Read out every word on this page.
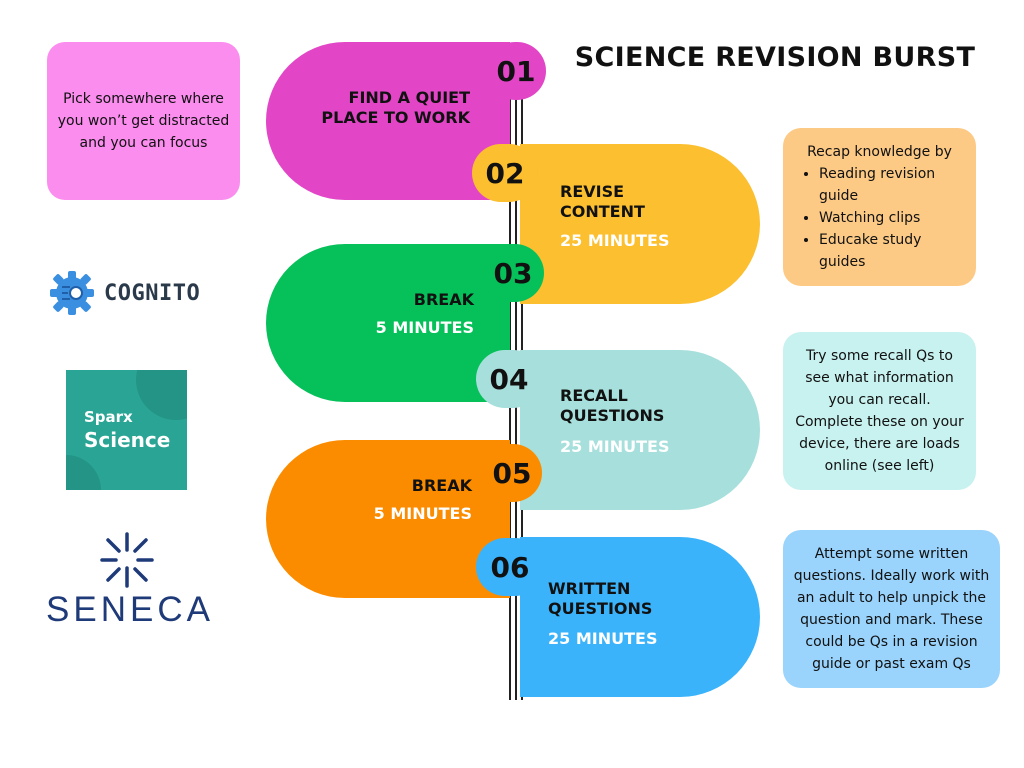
SCIENCE REVISION BURST
01
FIND A QUIET
PLACE TO WORK
02
REVISE
CONTENT
25 MINUTES
03
BREAK
5 MINUTES
04	RECALL
QUESTIONS
25 MINUTES
05
BREAK
5 MINUTES
06
WRITTEN
QUESTIONS
25 MINUTES
Pick somewhere where you won’t get distracted and you can focus
Recap knowledge by
• Reading revision guide
• Watching clips
• Educake study guides
Try some recall Qs to see what information you can recall. Complete these on your device, there are loads online (see left)
Attempt some written questions. Ideally work with an adult to help unpick the question and mark. These could be Qs in a revision guide or past exam Qs
COGNITO
Sparx
Science
SENECA
